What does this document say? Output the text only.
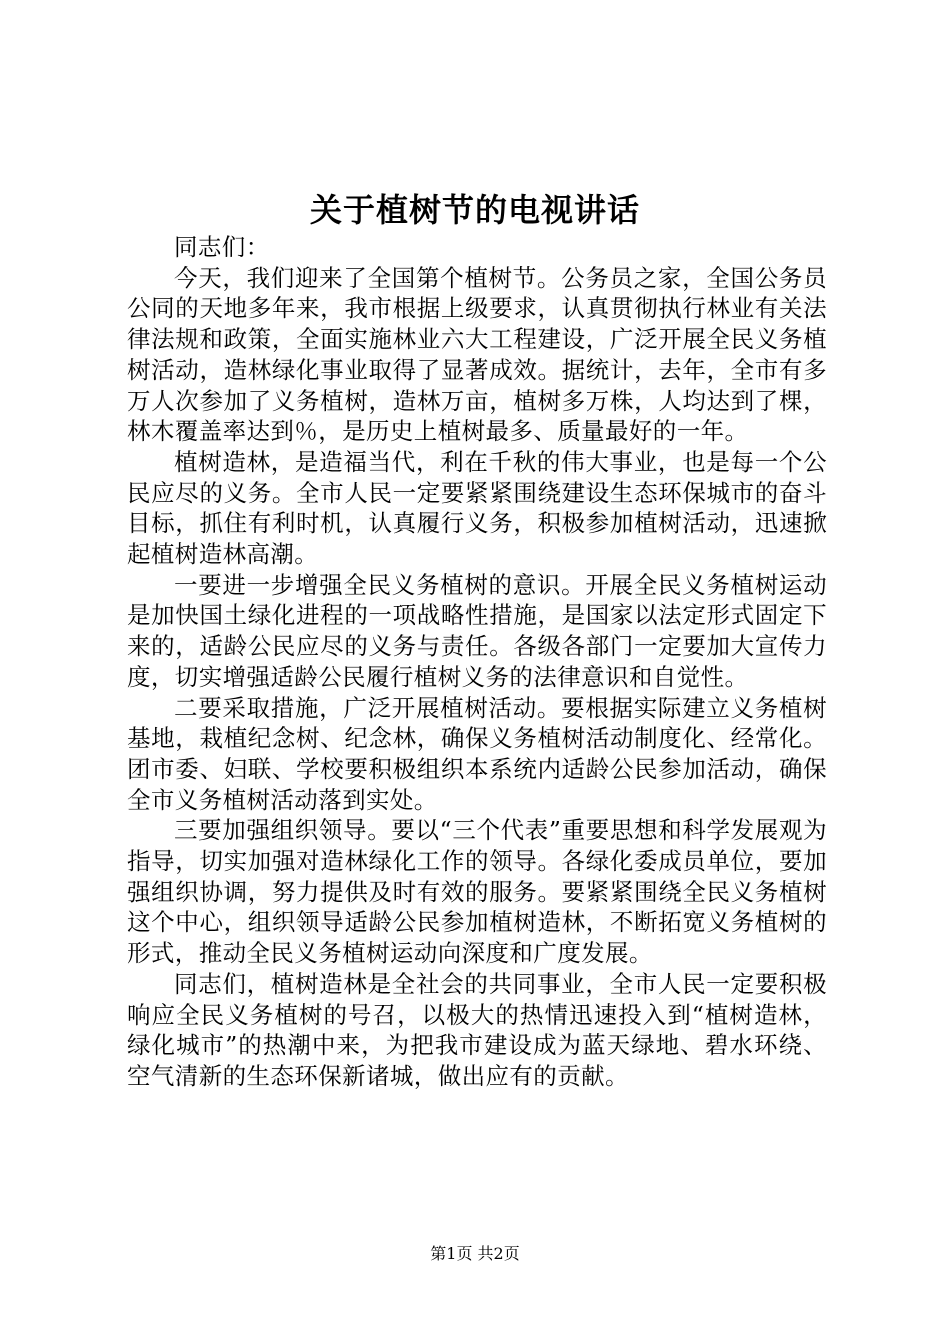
关于植树节的电视讲话

同志们：

今天，我们迎来了全国第个植树节。公务员之家，全国公务员公同的天地多年来，我市根据上级要求，认真贯彻执行林业有关法律法规和政策，全面实施林业六大工程建设，广泛开展全民义务植树活动，造林绿化事业取得了显著成效。据统计，去年，全市有多万人次参加了义务植树，造林万亩，植树多万株，人均达到了棵，林木覆盖率达到％，是历史上植树最多、质量最好的一年。

植树造林，是造福当代，利在千秋的伟大事业，也是每一个公民应尽的义务。全市人民一定要紧紧围绕建设生态环保城市的奋斗目标，抓住有利时机，认真履行义务，积极参加植树活动，迅速掀起植树造林高潮。

一要进一步增强全民义务植树的意识。开展全民义务植树运动是加快国土绿化进程的一项战略性措施，是国家以法定形式固定下来的，适龄公民应尽的义务与责任。各级各部门一定要加大宣传力度，切实增强适龄公民履行植树义务的法律意识和自觉性。

二要采取措施，广泛开展植树活动。要根据实际建立义务植树基地，栽植纪念树、纪念林，确保义务植树活动制度化、经常化。团市委、妇联、学校要积极组织本系统内适龄公民参加活动，确保全市义务植树活动落到实处。

三要加强组织领导。要以“三个代表”重要思想和科学发展观为指导，切实加强对造林绿化工作的领导。各绿化委成员单位，要加强组织协调，努力提供及时有效的服务。要紧紧围绕全民义务植树这个中心，组织领导适龄公民参加植树造林，不断拓宽义务植树的形式，推动全民义务植树运动向深度和广度发展。

同志们，植树造林是全社会的共同事业，全市人民一定要积极响应全民义务植树的号召，以极大的热情迅速投入到“植树造林，绿化城市”的热潮中来，为把我市建设成为蓝天绿地、碧水环绕、空气清新的生态环保新诸城，做出应有的贡献。

第1页 共2页
